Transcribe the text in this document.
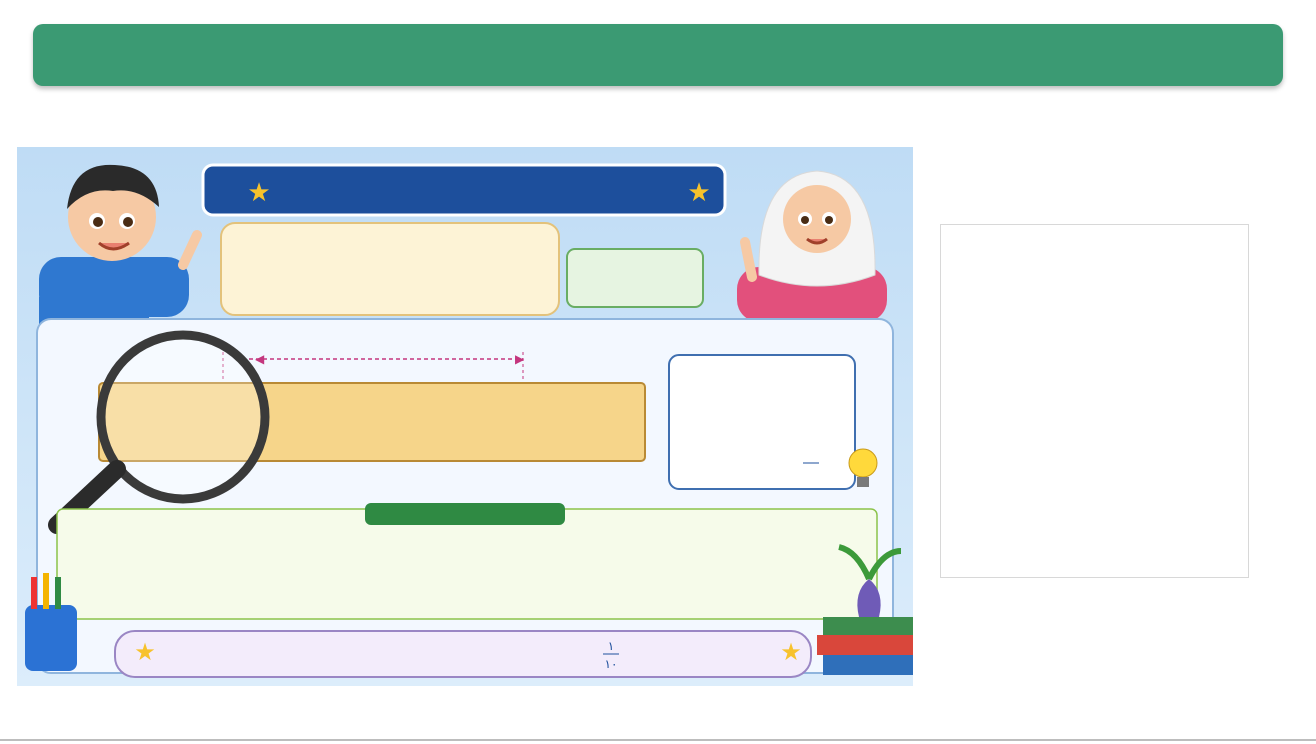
★
★
◀	▶
★
★	۱
۱۰
